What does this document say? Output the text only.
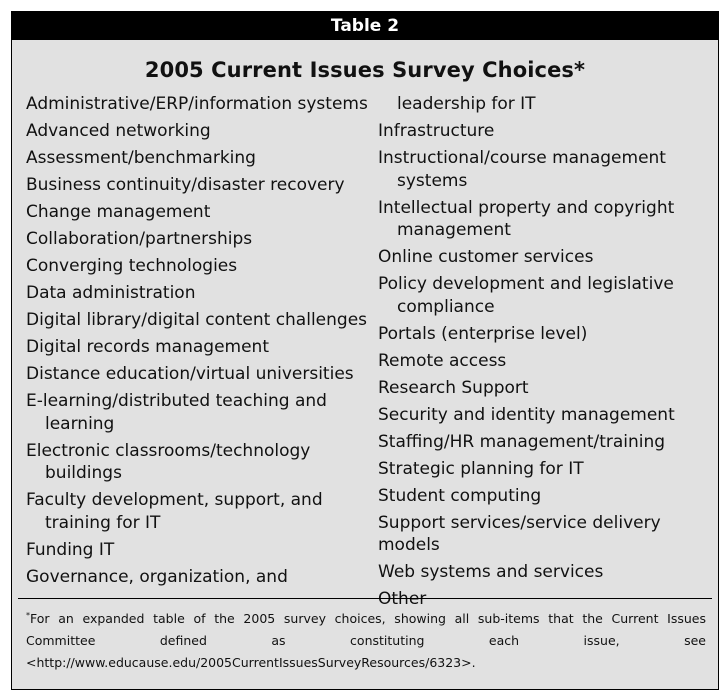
Table 2
2005 Current Issues Survey Choices*
Administrative/ERP/information systems
Advanced networking
Assessment/benchmarking
Business continuity/disaster recovery
Change management
Collaboration/partnerships
Converging technologies
Data administration
Digital library/digital content challenges
Digital records management
Distance education/virtual universities
E-learning/distributed teaching and
learning
Electronic classrooms/technology
buildings
Faculty development, support, and
training for IT
Funding IT
Governance, organization, and
leadership for IT
Infrastructure
Instructional/course management
systems
Intellectual property and copyright
management
Online customer services
Policy development and legislative
compliance
Portals (enterprise level)
Remote access
Research Support
Security and identity management
Staffing/HR management/training
Strategic planning for IT
Student computing
Support services/service delivery models
Web systems and services
Other
*For an expanded table of the 2005 survey choices, showing all sub-items that the Current Issues Committee defined as constituting each issue, see <http://www.educause.edu/2005CurrentIssuesSurveyResources/6323>.
